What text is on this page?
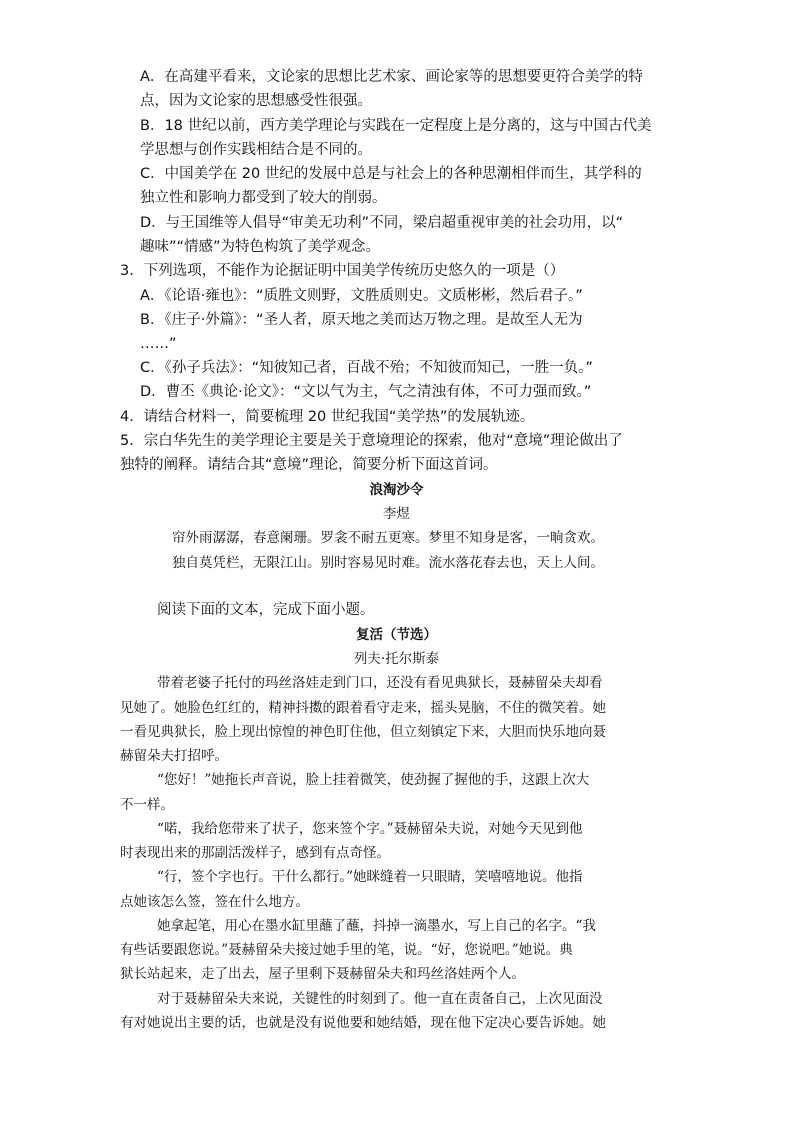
A．在高建平看来，文论家的思想比艺术家、画论家等的思想要更符合美学的特
点，因为文论家的思想感受性很强。
B．18 世纪以前，西方美学理论与实践在一定程度上是分离的，这与中国古代美
学思想与创作实践相结合是不同的。
C．中国美学在 20 世纪的发展中总是与社会上的各种思潮相伴而生，其学科的
独立性和影响力都受到了较大的削弱。
D．与王国维等人倡导“审美无功利”不同，梁启超重视审美的社会功用，以“
趣味”“情感”为特色构筑了美学观念。
3．下列选项，不能作为论据证明中国美学传统历史悠久的一项是（）
A．《论语·雍也》：“质胜文则野，文胜质则史。文质彬彬，然后君子。”
B．《庄子·外篇》：“圣人者，原天地之美而达万物之理。是故至人无为
……”
C．《孙子兵法》：“知彼知己者，百战不殆；不知彼而知己，一胜一负。”
D．曹丕《典论·论文》：“文以气为主，气之清浊有体，不可力强而致。”
4．请结合材料一，简要梳理 20 世纪我国“美学热”的发展轨迹。
5．宗白华先生的美学理论主要是关于意境理论的探索，他对“意境”理论做出了
独特的阐释。请结合其“意境”理论，简要分析下面这首词。
浪淘沙令
李煜
帘外雨潺潺，春意阑珊。罗衾不耐五更寒。梦里不知身是客，一晌贪欢。
独自莫凭栏，无限江山。别时容易见时难。流水落花春去也，天上人间。
阅读下面的文本，完成下面小题。
复活（节选）
列夫·托尔斯泰
带着老婆子托付的玛丝洛娃走到门口，还没有看见典狱长，聂赫留朵夫却看
见她了。她脸色红红的，精神抖擞的跟着看守走来，摇头晃脑，不住的微笑着。她
一看见典狱长，脸上现出惊惶的神色盯住他，但立刻镇定下来，大胆而快乐地向聂
赫留朵夫打招呼。
“您好！”她拖长声音说，脸上挂着微笑，使劲握了握他的手，这跟上次大
不一样。
“喏，我给您带来了状子，您来签个字。”聂赫留朵夫说，对她今天见到他
时表现出来的那副活泼样子，感到有点奇怪。
“行，签个字也行。干什么都行。”她眯缝着一只眼睛，笑嘻嘻地说。他指
点她该怎么签，签在什么地方。
她拿起笔，用心在墨水缸里蘸了蘸，抖掉一滴墨水，写上自己的名字。“我
有些话要跟您说。”聂赫留朵夫接过她手里的笔，说。“好，您说吧。”她说。典
狱长站起来，走了出去，屋子里剩下聂赫留朵夫和玛丝洛娃两个人。
对于聂赫留朵夫来说，关键性的时刻到了。他一直在责备自己，上次见面没
有对她说出主要的话，也就是没有说他要和她结婚，现在他下定决心要告诉她。她
